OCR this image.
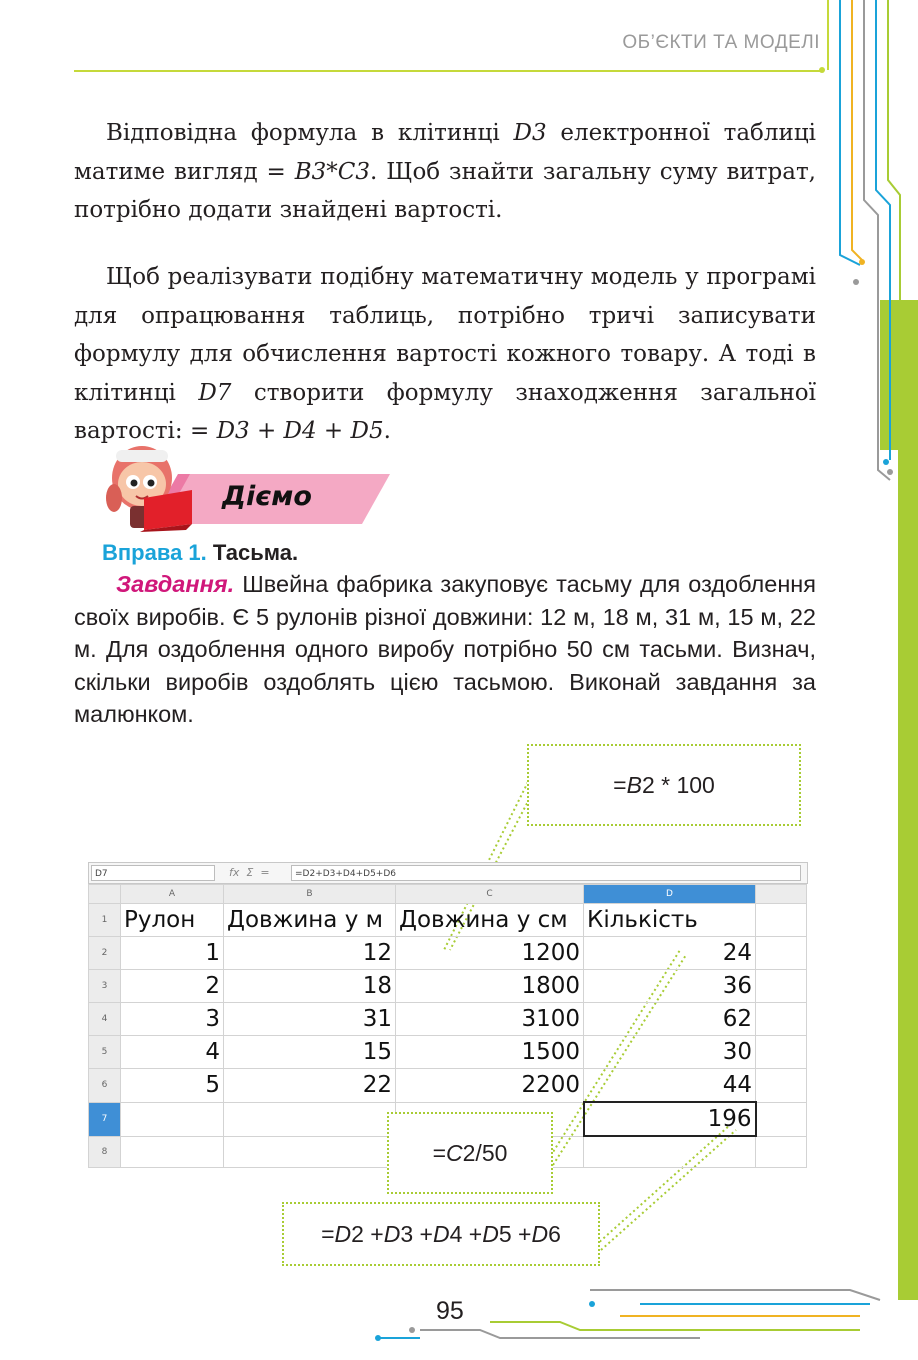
ОБ’ЄКТИ ТА МОДЕЛІ

Відповідна формула в клітинці D3 електронної таблиці матиме вигляд = B3*C3. Щоб знайти загальну суму витрат, потрібно додати знайдені вартості.

Щоб реалізувати подібну математичну модель у програмі для опрацювання таблиць, потрібно тричі записувати формулу для обчислення вартості кожного товару. А тоді в клітинці D7 створити формулу знаходження загальної вартості: = D3 + D4 + D5.

Діємо
Вправа 1. Тасьма.

Завдання. Швейна фабрика закуповує тасьму для оздоблення своїх виробів. Є 5 рулонів різної довжини: 12 м, 18 м, 31 м, 15 м, 22 м. Для оздоблення одного виробу потрібно 50 см тасьми. Визнач, скільки виробів оздоблять цією тасьмою. Виконай завдання за малюнком.

= B 2 * 100
D7	fx  Σ  =	=D2+D3+D4+D5+D6
	A	B	C	D	
1	Рулон	Довжина у м	Довжина у см	Кількість	
2	1	12	1200	24	
3	2	18	1800	36	
4	3	31	3100	62	
5	4	15	1500	30	
6	5	22	2200	44	
7				196	
8						= C 2/50
= D 2 + D 3 + D 4 + D 5 + D 6
95
